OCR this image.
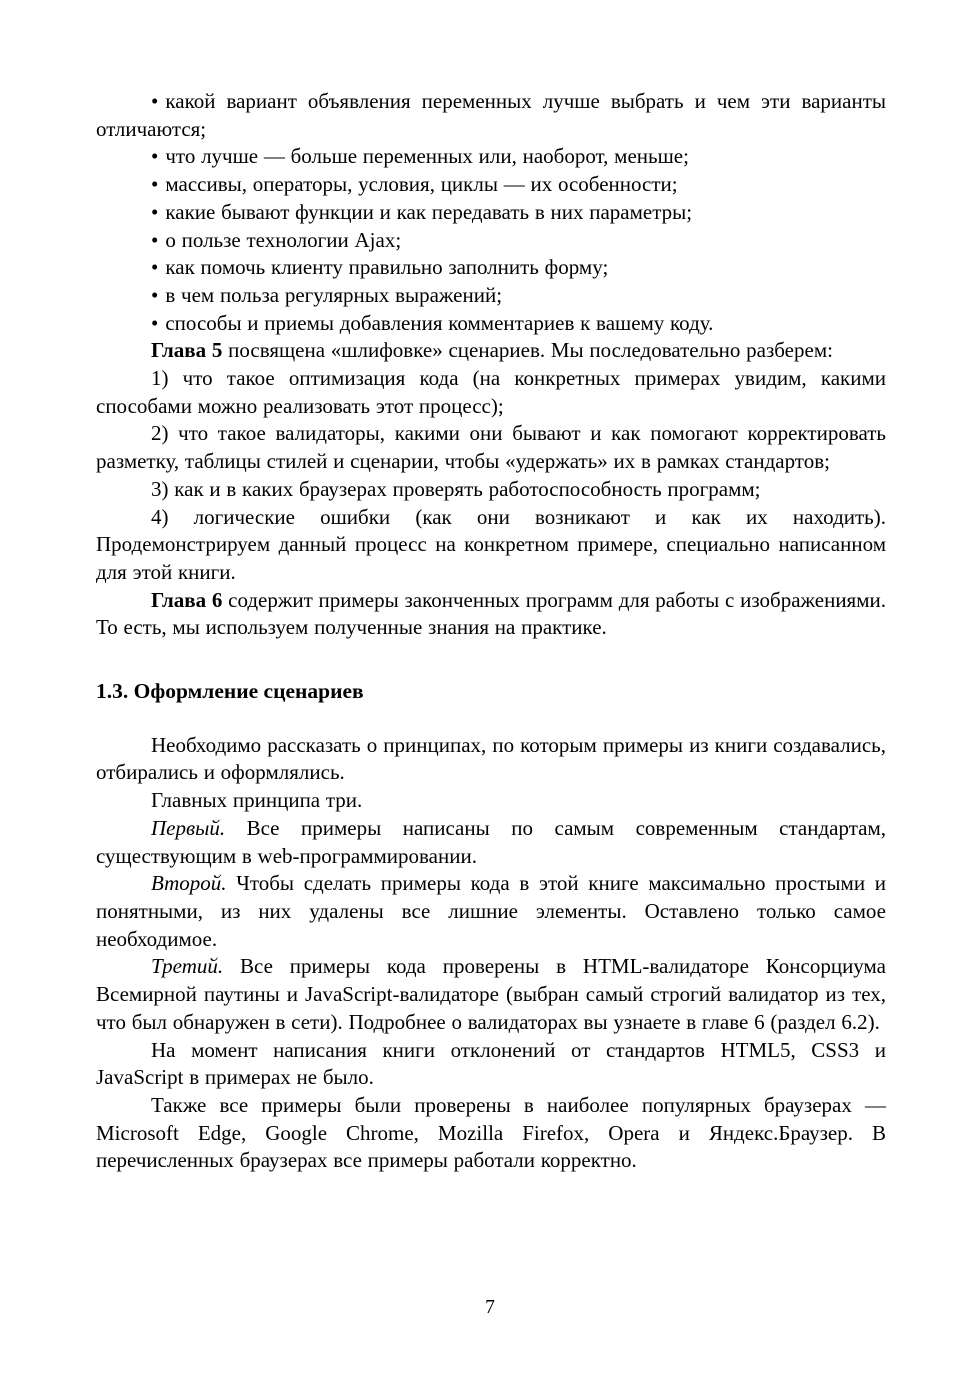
• какой вариант объявления переменных лучше выбрать и чем эти варианты отличаются;

• что лучше — больше переменных или, наоборот, меньше;

• массивы, операторы, условия, циклы — их особенности;

• какие бывают функции и как передавать в них параметры;

• о пользе технологии Ajax;

• как помочь клиенту правильно заполнить форму;

• в чем польза регулярных выражений;

• способы и приемы добавления комментариев к вашему коду.

Глава 5 посвящена «шлифовке» сценариев. Мы последовательно разберем:

1) что такое оптимизация кода (на конкретных примерах увидим, какими способами можно реализовать этот процесс);

2) что такое валидаторы, какими они бывают и как помогают корректировать разметку, таблицы стилей и сценарии, чтобы «удержать» их в рамках стандартов;

3) как и в каких браузерах проверять работоспособность программ;

4) логические ошибки (как они возникают и как их находить). Продемонстрируем данный процесс на конкретном примере, специально написанном для этой книги.

Глава 6 содержит примеры законченных программ для работы с изображениями. То есть, мы используем полученные знания на практике.

1.3. Оформление сценариев

Необходимо рассказать о принципах, по которым примеры из книги создавались, отбирались и оформлялись.

Главных принципа три.

Первый. Все примеры написаны по самым современным стандартам, существующим в web-программировании.

Второй. Чтобы сделать примеры кода в этой книге максимально простыми и понятными, из них удалены все лишние элементы. Оставлено только самое необходимое.

Третий. Все примеры кода проверены в HTML-валидаторе Консорциума Всемирной паутины и JavaScript-валидаторе (выбран самый строгий валидатор из тех, что был обнаружен в сети). Подробнее о валидаторах вы узнаете в главе 6 (раздел 6.2).

На момент написания книги отклонений от стандартов HTML5, CSS3 и JavaScript в примерах не было.

Также все примеры были проверены в наиболее популярных браузерах — Microsoft Edge, Google Chrome, Mozilla Firefox, Opera и Яндекс.Браузер. В перечисленных браузерах все примеры работали корректно.

7
